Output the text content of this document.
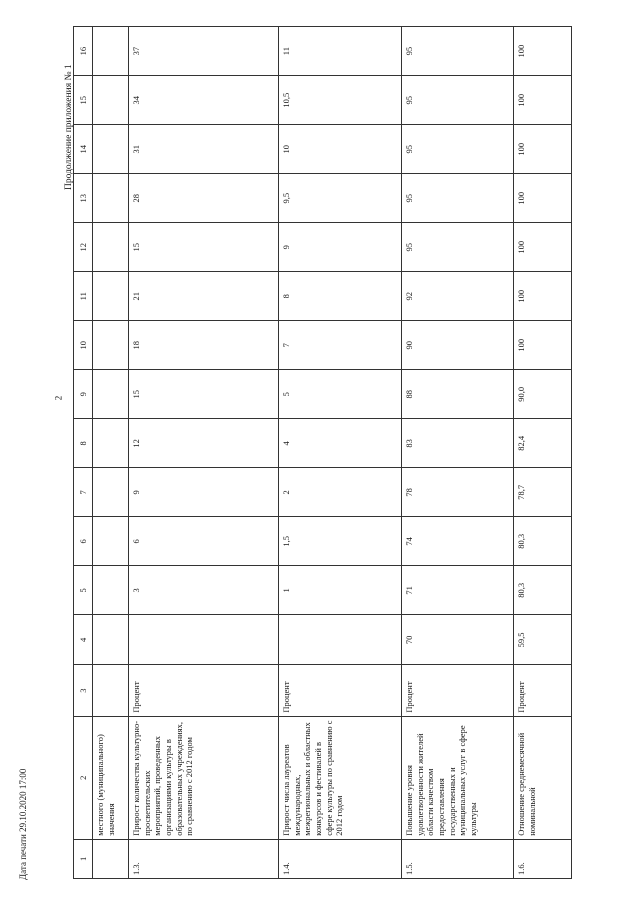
2
Продолжение приложения № 1
Дата печати 29.10.2020 17:00	1	2	3	4	5	6	7	8	9	10	11	12	13	14	15	16
	местного (муниципального) значения														
1.3.	Прирост количества культурно-просветительских мероприятий, проведенных организациями культуры в образовательных учреждениях, по сравнению с 2012 годом	Процент		3	6	9	12	15	18	21	15	28	31	34	37
1.4.	Прирост числа лауреатов международных, межрегиональных и областных конкурсов и фестивалей в сфере культуры по сравнению с 2012 годом	Процент		1	1,5	2	4	5	7	8	9	9,5	10	10,5	11
1.5.	Повышение уровня удовлетворенности жителей области качеством предоставления государственных и муниципальных услуг в сфере культуры	Процент	70	71	74	78	83	88	90	92	95	95	95	95	95
1.6.	Отношение среднемесячной номинальной	Процент	59,5	80,3	80,3	78,7	82,4	90,0	100	100	100	100	100	100	100
